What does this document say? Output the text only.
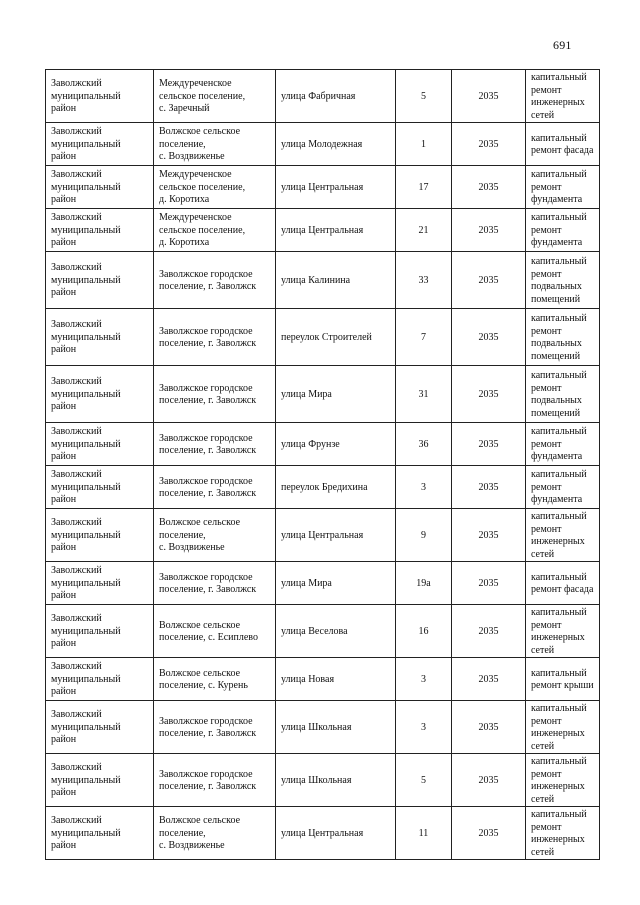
691
Заволжский
муниципальный
район	Междуреченское
сельское поселение,
с. Заречный	улица Фабричная	5	2035	капитальный
ремонт
инженерных
сетей
Заволжский
муниципальный
район	Волжское сельское
поселение,
с. Воздвиженье	улица Молодежная	1	2035	капитальный
ремонт фасада
Заволжский
муниципальный
район	Междуреченское
сельское поселение,
д. Коротиха	улица Центральная	17	2035	капитальный
ремонт
фундамента
Заволжский
муниципальный
район	Междуреченское
сельское поселение,
д. Коротиха	улица Центральная	21	2035	капитальный
ремонт
фундамента
Заволжский
муниципальный
район	Заволжское городское
поселение, г. Заволжск	улица Калинина	33	2035	капитальный
ремонт
подвальных
помещений
Заволжский
муниципальный
район	Заволжское городское
поселение, г. Заволжск	переулок Строителей	7	2035	капитальный
ремонт
подвальных
помещений
Заволжский
муниципальный
район	Заволжское городское
поселение, г. Заволжск	улица Мира	31	2035	капитальный
ремонт
подвальных
помещений
Заволжский
муниципальный
район	Заволжское городское
поселение, г. Заволжск	улица Фрунзе	36	2035	капитальный
ремонт
фундамента
Заволжский
муниципальный
район	Заволжское городское
поселение, г. Заволжск	переулок Бредихина	3	2035	капитальный
ремонт
фундамента
Заволжский
муниципальный
район	Волжское сельское
поселение,
с. Воздвиженье	улица Центральная	9	2035	капитальный
ремонт
инженерных
сетей
Заволжский
муниципальный
район	Заволжское городское
поселение, г. Заволжск	улица Мира	19а	2035	капитальный
ремонт фасада
Заволжский
муниципальный
район	Волжское сельское
поселение, с. Есиплево	улица Веселова	16	2035	капитальный
ремонт
инженерных
сетей
Заволжский
муниципальный
район	Волжское сельское
поселение, с. Курень	улица Новая	3	2035	капитальный
ремонт крыши
Заволжский
муниципальный
район	Заволжское городское
поселение, г. Заволжск	улица Школьная	3	2035	капитальный
ремонт
инженерных
сетей
Заволжский
муниципальный
район	Заволжское городское
поселение, г. Заволжск	улица Школьная	5	2035	капитальный
ремонт
инженерных
сетей
Заволжский
муниципальный
район	Волжское сельское
поселение,
с. Воздвиженье	улица Центральная	11	2035	капитальный
ремонт
инженерных
сетей
